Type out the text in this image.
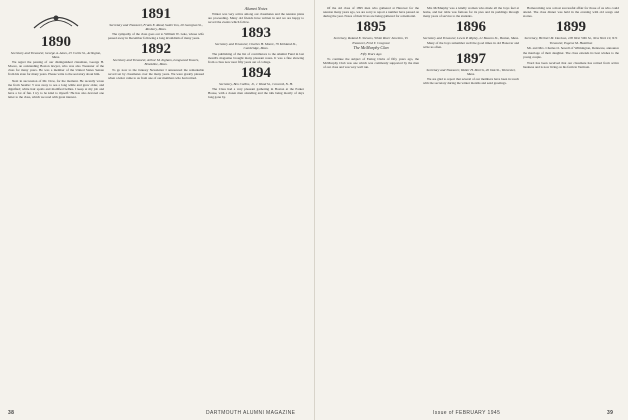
1890
Secretary and Treasurer, George A. Ames, 25 Curtis St., Arlington, Mass.

We regret the passing of our distinguished classmate, George H. Moore, an outstanding Boston lawyer, who was also Treasurer of the class for many years. He was a member of the United States Senate from his state for many years. Please write to the secretary about him.

Next in succession of Mr. Dow, for the moment. He recently wrote me from Seattle: 'I was away to sea a long while and grew older, and dignified; white hair spoils and modified bellies. I keep at my job and have a lot of fun. I try to be kind to myself.' He has also devoted one letter to the class, which we read with great interest.

1891
Secretary and Treasurer, Frank E. Rand, Sailer Inn, 20 Georgian St., Roxbury, Mass.

The sympathy of the class goes out to William W. Gale, whose wife passed away in December following a long invalidism of many years.

1892
Secretary and Treasurer, Arthur M. Ingham, Longwood Towers, Brookline, Mass.

To go now to the January Newsletter I announced the remarkable record set by classmates over the many years. We were greatly pleased when a letter came to us from one of our members who had retired.

Alumni Notes

Winter was very active among our classmates and the reunion plans are proceeding. Many old friends have written in and we are happy to record the events which follow.

1893
Secretary and Treasurer, Charles H. Moore, 79 Kirkland St., Cambridge, Mass.

The publishing of the list of contributors to the Alumni Fund in last month's magazine brought many pleasant notes. It was a fine showing from a class now near fifty years out of college.

1894
Secretary, Ben Collins, Jr., 1 Wood St., Concord, N. H.

The Class had a very pleasant gathering in Boston at the Parker House, with a dozen men attending and the talk being mostly of days long gone by.

38	DARTMOUTH ALUMNI MAGAZINE

Of the old class of 1895 men who gathered at Hanover for the reunion many years ago, we are sorry to report a number have passed on during the year. Notes of their lives are being gathered for a memorial.

1895
Secretary, Roland E. Stevens, White River Junction, Vt.
Treasurer, Fred T. Cosgrave
The McMurphy Clan
Fifty Years Ago

To continue the subject of Eating Clubs of fifty years ago, the McMurphy Club was one which was commonly supported by the men of our class and was very well run.

Mrs McMurphy was a kindly woman who made all the boys feel at home, and her table was famous for its pies and its puddings through many years of service to the students.

1896
Secretary and Treasurer, Lewis P. Ripley, 21 Beacon St., Boston, Mass.

Many of the boys remember well the good times in old Hanover and write us often.

1897
Secretary and Treasurer, Walter H. Morris, 26 Oak St., Worcester, Mass.

We are glad to report that several of our members have been in touch with the secretary during the winter months and send greetings.

Homecoming was a most successful affair for those of us who could attend. The class dinner was held in the evening with old songs and stories.

1899
Secretary, Herbert M. Davison, 100 West 59th St., New York 19, N.Y.
Treasurer, Eugene M. Hamilton

Mr. and Mrs. Charles O. Sewell of Wilmington, Delaware, announce the marriage of their daughter. The class extends its best wishes to the young couple.

Word has been received that our classmate has retired from active business and is now living on his farm in Vermont.

Issue of FEBRUARY 1945	39
